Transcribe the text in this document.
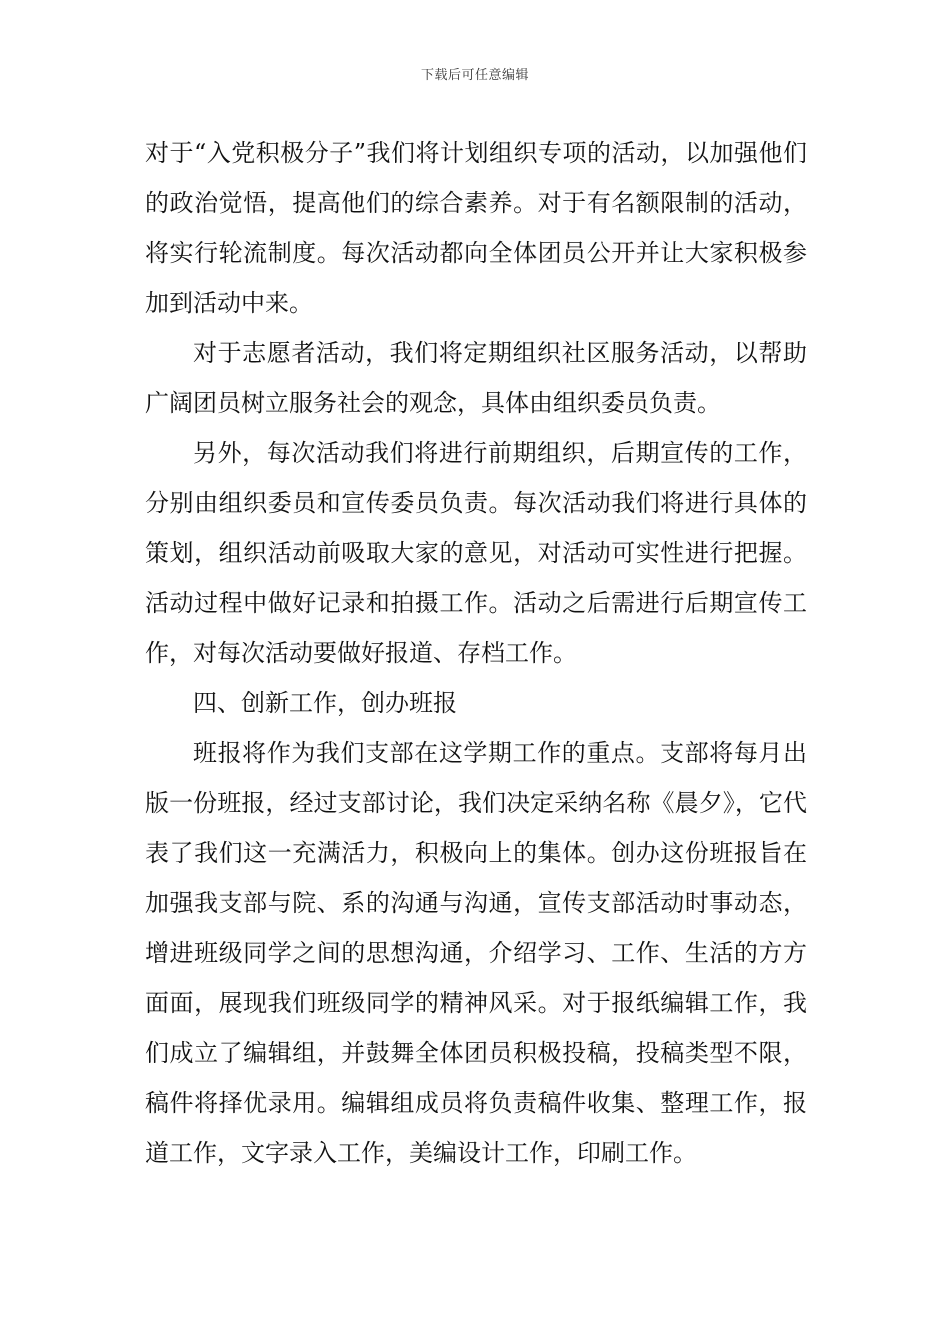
下载后可任意编辑

对于“入党积极分子”我们将计划组织专项的活动，以加强他们的政治觉悟，提高他们的综合素养。对于有名额限制的活动，将实行轮流制度。每次活动都向全体团员公开并让大家积极参加到活动中来。

对于志愿者活动，我们将定期组织社区服务活动，以帮助广阔团员树立服务社会的观念，具体由组织委员负责。

另外，每次活动我们将进行前期组织，后期宣传的工作，分别由组织委员和宣传委员负责。每次活动我们将进行具体的策划，组织活动前吸取大家的意见，对活动可实性进行把握。活动过程中做好记录和拍摄工作。活动之后需进行后期宣传工作，对每次活动要做好报道、存档工作。

四、创新工作，创办班报

班报将作为我们支部在这学期工作的重点。支部将每月出版一份班报，经过支部讨论，我们决定采纳名称《晨夕》，它代表了我们这一充满活力，积极向上的集体。创办这份班报旨在加强我支部与院、系的沟通与沟通，宣传支部活动时事动态，增进班级同学之间的思想沟通，介绍学习、工作、生活的方方面面，展现我们班级同学的精神风采。对于报纸编辑工作，我们成立了编辑组，并鼓舞全体团员积极投稿，投稿类型不限，稿件将择优录用。编辑组成员将负责稿件收集、整理工作，报道工作，文字录入工作，美编设计工作，印刷工作。
